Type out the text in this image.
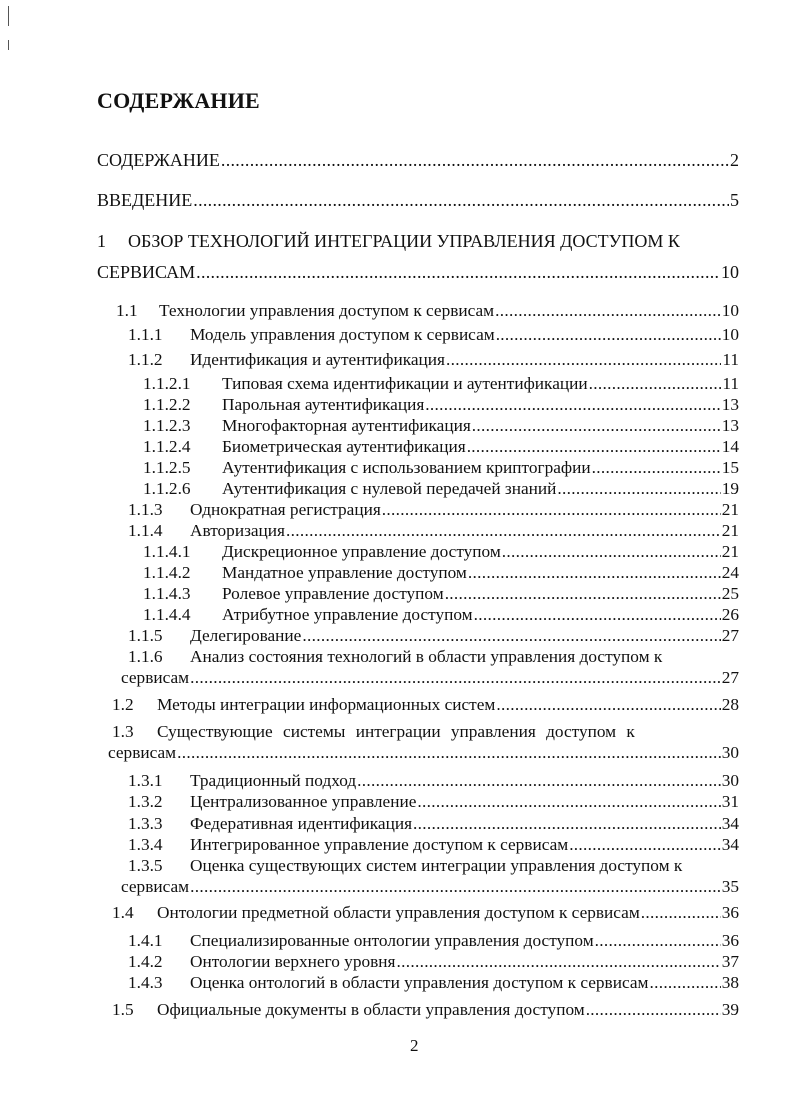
СОДЕРЖАНИЕ
СОДЕРЖАНИЕ .....	2
ВВЕДЕНИЕ .....	5
1	ОБЗОР ТЕХНОЛОГИЙ ИНТЕГРАЦИИ УПРАВЛЕНИЯ ДОСТУПОМ К
СЕРВИСАМ .....	10
1.1	Технологии управления доступом к сервисам .....	10
1.1.1	Модель управления доступом к сервисам .....	10
1.1.2	Идентификация и аутентификация .....	11
1.1.2.1	Типовая схема идентификации и аутентификации .....	11
1.1.2.2	Парольная аутентификация .....	13
1.1.2.3	Многофакторная аутентификация .....	13
1.1.2.4	Биометрическая аутентификация .....	14
1.1.2.5	Аутентификация с использованием криптографии .....	15
1.1.2.6	Аутентификация с нулевой передачей знаний .....	19
1.1.3	Однократная регистрация .....	21
1.1.4	Авторизация .....	21
1.1.4.1	Дискреционное управление доступом .....	21
1.1.4.2	Мандатное управление доступом .....	24
1.1.4.3	Ролевое управление доступом .....	25
1.1.4.4	Атрибутное управление доступом .....	26
1.1.5	Делегирование .....	27
1.1.6	Анализ состояния технологий в области управления доступом к
сервисам .....	27
1.2	Методы интеграции информационных систем .....	28
1.3	Существующие системы интеграции управления доступом к
сервисам .....	30
1.3.1	Традиционный подход .....	30
1.3.2	Централизованное управление .....	31
1.3.3	Федеративная идентификация .....	34
1.3.4	Интегрированное управление доступом к сервисам .....	34
1.3.5	Оценка существующих систем интеграции управления доступом к
сервисам .....	35
1.4	Онтологии предметной области управления доступом к сервисам .....	36
1.4.1	Специализированные онтологии управления доступом .....	36
1.4.2	Онтологии верхнего уровня .....	37
1.4.3	Оценка онтологий в области управления доступом к сервисам .....	38
1.5	Официальные документы в области управления доступом .....	39
2
